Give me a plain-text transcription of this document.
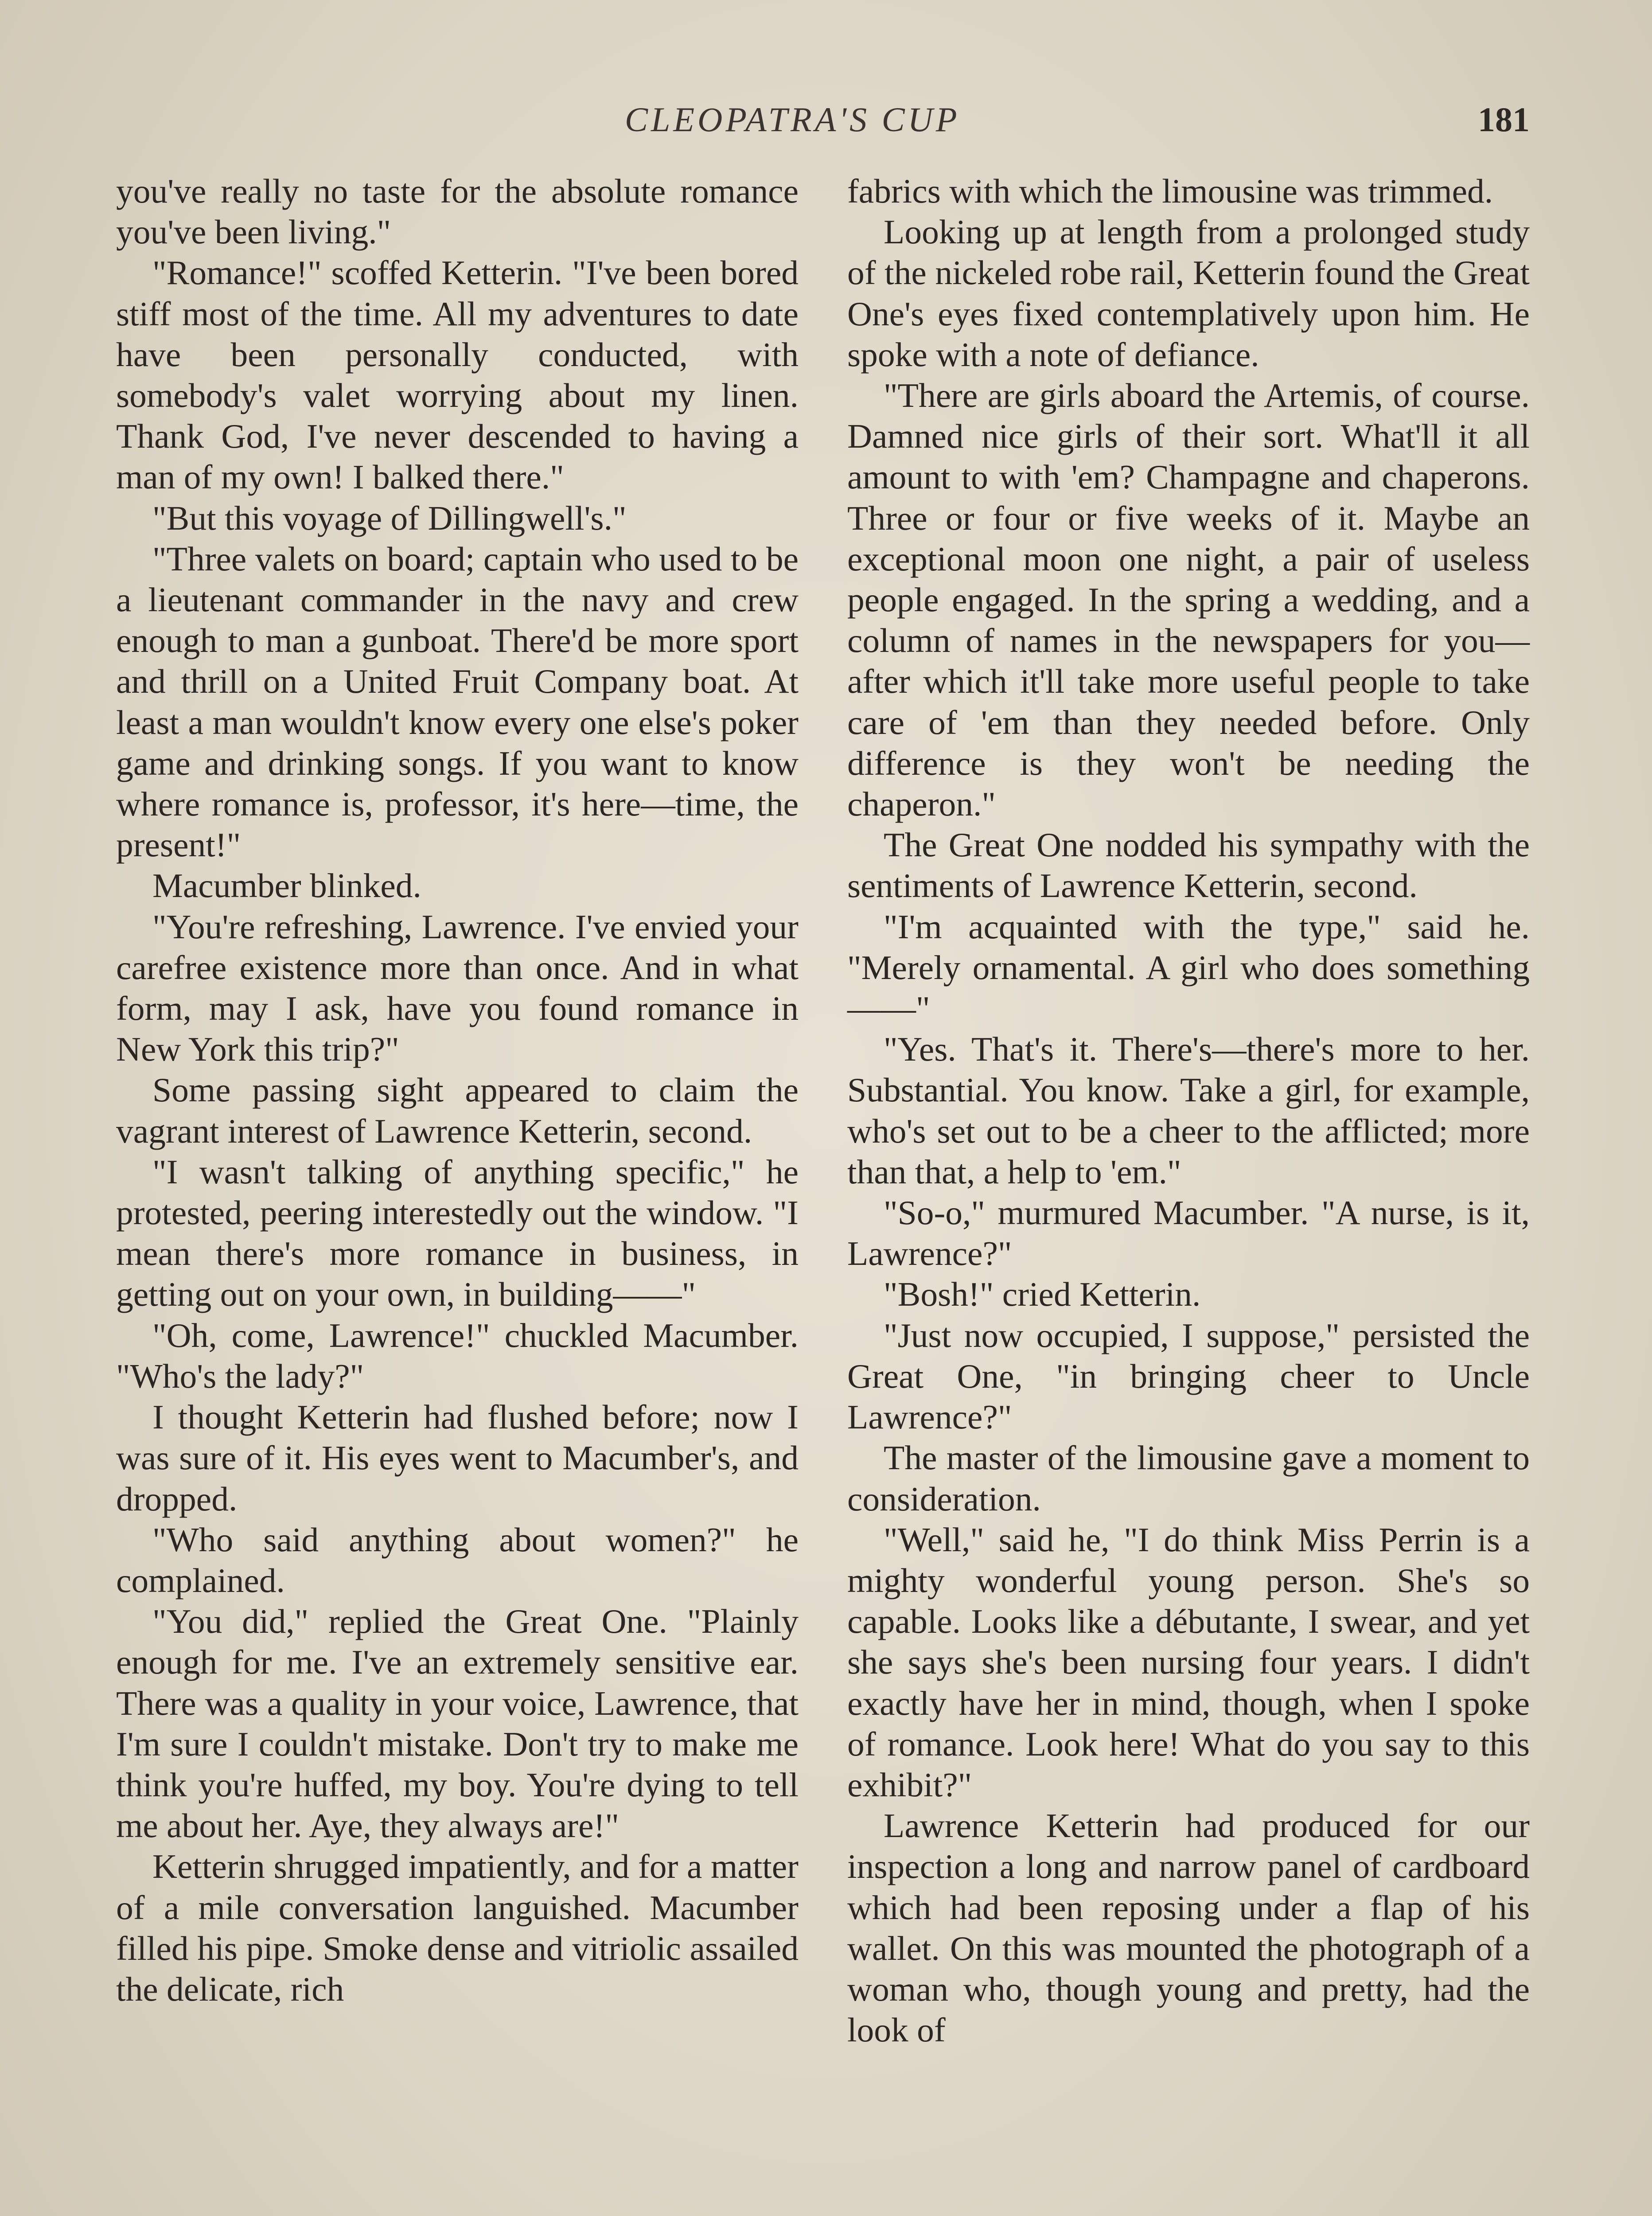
CLEOPATRA'S CUP	181

you've really no taste for the absolute romance you've been living."

"Romance!" scoffed Ketterin. "I've been bored stiff most of the time. All my adventures to date have been personally conducted, with somebody's valet worrying about my linen. Thank God, I've never descended to having a man of my own! I balked there."

"But this voyage of Dillingwell's."

"Three valets on board; captain who used to be a lieutenant commander in the navy and crew enough to man a gunboat. There'd be more sport and thrill on a United Fruit Company boat. At least a man wouldn't know every one else's poker game and drinking songs. If you want to know where romance is, professor, it's here—time, the present!"

Macumber blinked.

"You're refreshing, Lawrence. I've envied your carefree existence more than once. And in what form, may I ask, have you found romance in New York this trip?"

Some passing sight appeared to claim the vagrant interest of Lawrence Ketterin, second.

"I wasn't talking of anything specific," he protested, peering interestedly out the window. "I mean there's more romance in business, in getting out on your own, in building——"

"Oh, come, Lawrence!" chuckled Macumber. "Who's the lady?"

I thought Ketterin had flushed before; now I was sure of it. His eyes went to Macumber's, and dropped.

"Who said anything about women?" he complained.

"You did," replied the Great One. "Plainly enough for me. I've an extremely sensitive ear. There was a quality in your voice, Lawrence, that I'm sure I couldn't mistake. Don't try to make me think you're huffed, my boy. You're dying to tell me about her. Aye, they always are!"

Ketterin shrugged impatiently, and for a matter of a mile conversation languished. Macumber filled his pipe. Smoke dense and vitriolic assailed the delicate, rich

fabrics with which the limousine was trimmed.

Looking up at length from a prolonged study of the nickeled robe rail, Ketterin found the Great One's eyes fixed contemplatively upon him. He spoke with a note of defiance.

"There are girls aboard the Artemis, of course. Damned nice girls of their sort. What'll it all amount to with 'em? Champagne and chaperons. Three or four or five weeks of it. Maybe an exceptional moon one night, a pair of useless people engaged. In the spring a wedding, and a column of names in the newspapers for you—after which it'll take more useful people to take care of 'em than they needed before. Only difference is they won't be needing the chaperon."

The Great One nodded his sympathy with the sentiments of Lawrence Ketterin, second.

"I'm acquainted with the type," said he. "Merely ornamental. A girl who does something——"

"Yes. That's it. There's—there's more to her. Substantial. You know. Take a girl, for example, who's set out to be a cheer to the afflicted; more than that, a help to 'em."

"So-o," murmured Macumber. "A nurse, is it, Lawrence?"

"Bosh!" cried Ketterin.

"Just now occupied, I suppose," persisted the Great One, "in bringing cheer to Uncle Lawrence?"

The master of the limousine gave a moment to consideration.

"Well," said he, "I do think Miss Perrin is a mighty wonderful young person. She's so capable. Looks like a débutante, I swear, and yet she says she's been nursing four years. I didn't exactly have her in mind, though, when I spoke of romance. Look here! What do you say to this exhibit?"

Lawrence Ketterin had produced for our inspection a long and narrow panel of cardboard which had been reposing under a flap of his wallet. On this was mounted the photograph of a woman who, though young and pretty, had the look of
